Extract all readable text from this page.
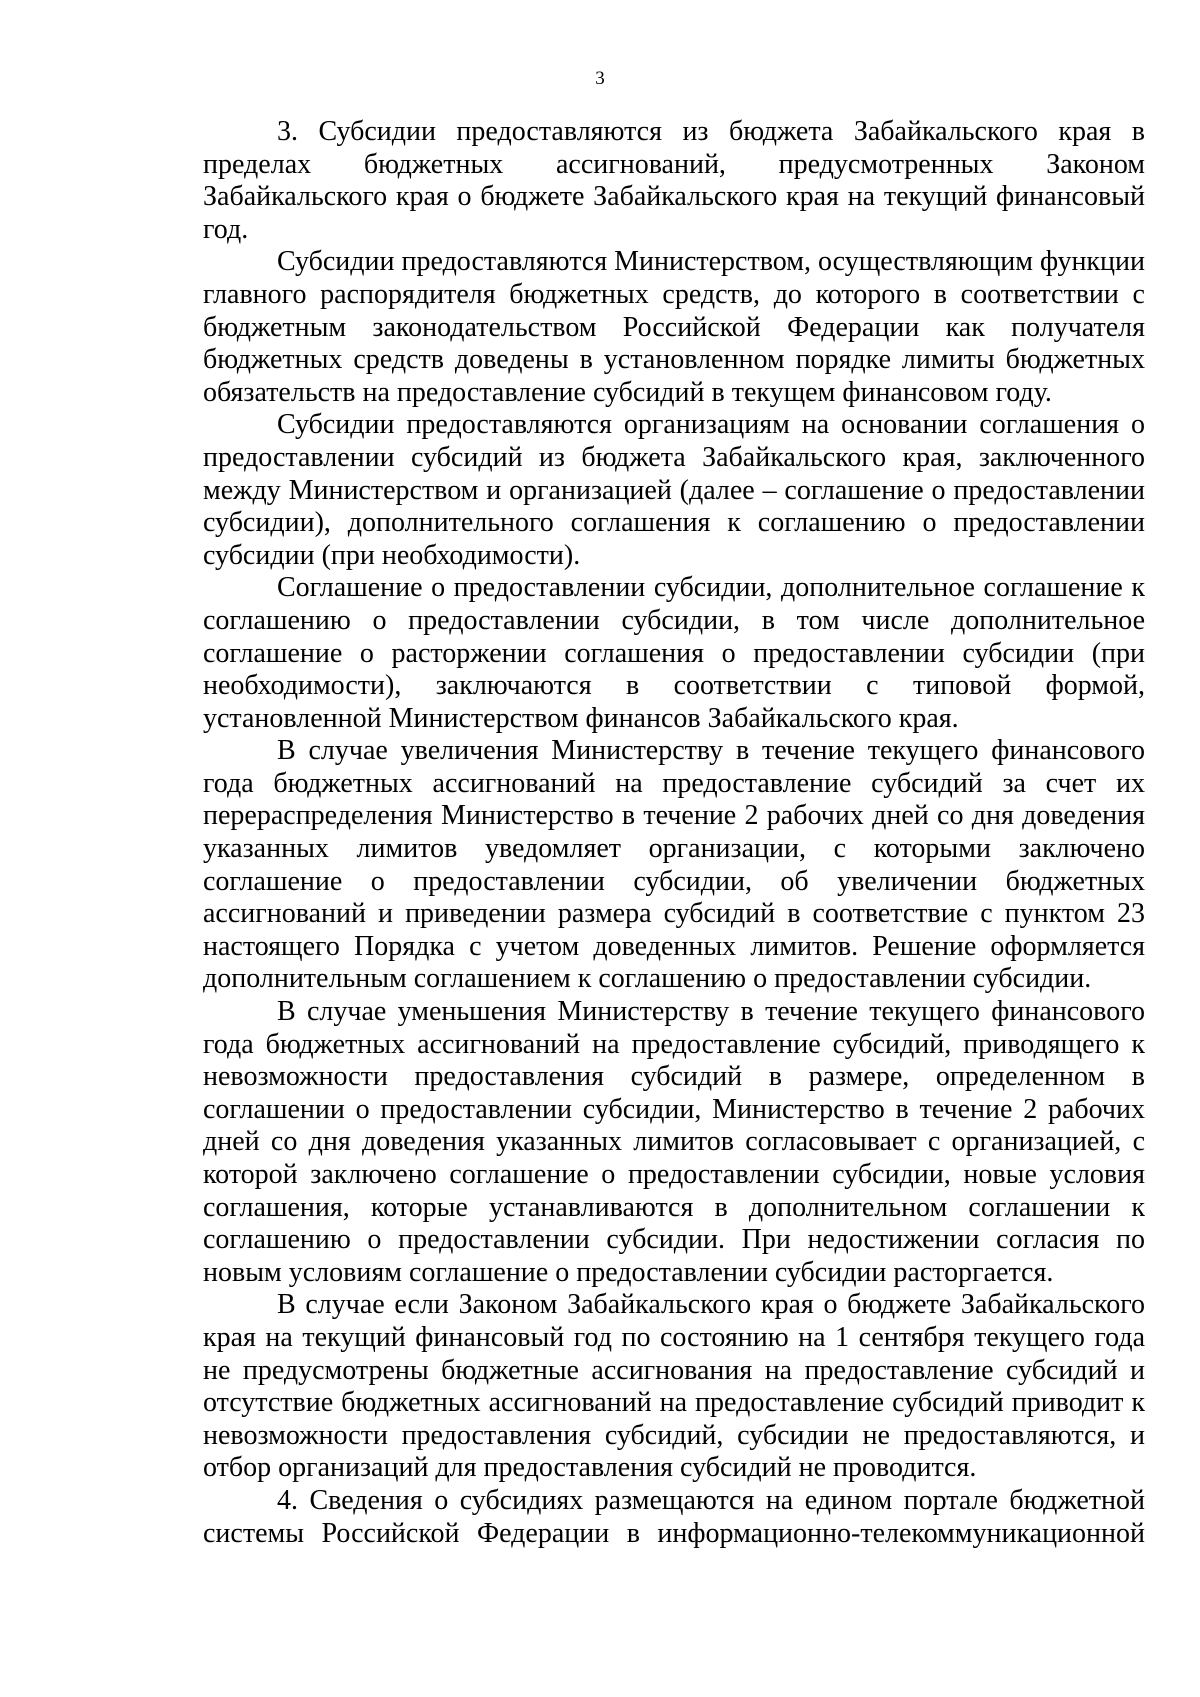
3

3. Субсидии предоставляются из бюджета Забайкальского края в пределах бюджетных ассигнований, предусмотренных Законом Забайкальского края о бюджете Забайкальского края на текущий финансовый год.

Субсидии предоставляются Министерством, осуществляющим функции главного распорядителя бюджетных средств, до которого в соответствии с бюджетным законодательством Российской Федерации как получателя бюджетных средств доведены в установленном порядке лимиты бюджетных обязательств на предоставление субсидий в текущем финансовом году.

Субсидии предоставляются организациям на основании соглашения о предоставлении субсидий из бюджета Забайкальского края, заключенного между Министерством и организацией (далее – соглашение о предоставлении субсидии), дополнительного соглашения к соглашению о предоставлении субсидии (при необходимости).

Соглашение о предоставлении субсидии, дополнительное соглашение к соглашению о предоставлении субсидии, в том числе дополнительное соглашение о расторжении соглашения о предоставлении субсидии (при необходимости), заключаются в соответствии с типовой формой, установленной Министерством финансов Забайкальского края.

В случае увеличения Министерству в течение текущего финансового года бюджетных ассигнований на предоставление субсидий за счет их перераспределения Министерство в течение 2 рабочих дней со дня доведения указанных лимитов уведомляет организации, с которыми заключено соглашение о предоставлении субсидии, об увеличении бюджетных ассигнований и приведении размера субсидий в соответствие с пунктом 23 настоящего Порядка с учетом доведенных лимитов. Решение оформляется дополнительным соглашением к соглашению о предоставлении субсидии.

В случае уменьшения Министерству в течение текущего финансового года бюджетных ассигнований на предоставление субсидий, приводящего к невозможности предоставления субсидий в размере, определенном в соглашении о предоставлении субсидии, Министерство в течение 2 рабочих дней со дня доведения указанных лимитов согласовывает с организацией, с которой заключено соглашение о предоставлении субсидии, новые условия соглашения, которые устанавливаются в дополнительном соглашении к соглашению о предоставлении субсидии. При недостижении согласия по новым условиям соглашение о предоставлении субсидии расторгается.

В случае если Законом Забайкальского края о бюджете Забайкальского края на текущий финансовый год по состоянию на 1 сентября текущего года не предусмотрены бюджетные ассигнования на предоставление субсидий и отсутствие бюджетных ассигнований на предоставление субсидий приводит к невозможности предоставления субсидий, субсидии не предоставляются, и отбор организаций для предоставления субсидий не проводится.

4. Сведения о субсидиях размещаются на едином портале бюджетной системы Российской Федерации в информационно-телекоммуникационной
